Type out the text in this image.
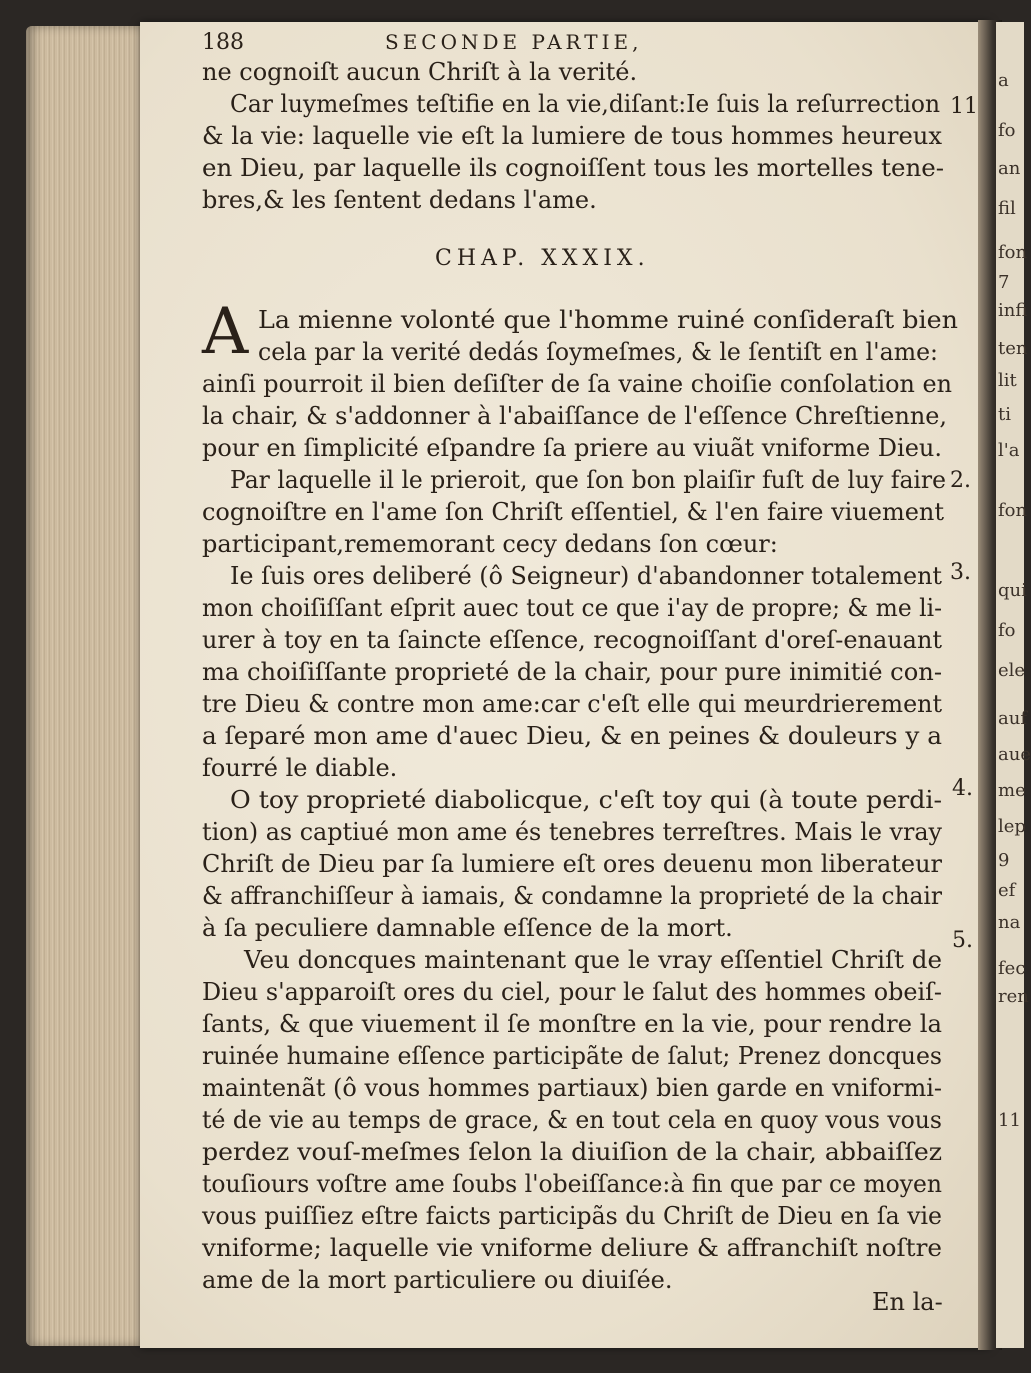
a
fo
an
fil
fon
7
infi
ten
lit
ti
l'a
fon
qui
fo
ele
auf
aue
me
lep
9
ef
na
fec
ren
11
188	SECONDE PARTIE,
CHAP. XXXIX.
A
ne cognoiſt aucun Chriſt à la verité.
Car luymeſmes teſtifie en la vie,diſant:Ie ſuis la reſurrection
& la vie: laquelle vie eſt la lumiere de tous hommes heureux
en Dieu, par laquelle ils cognoiſſent tous les mortelles tene-
bres,& les ſentent dedans l'ame.
La mienne volonté que l'homme ruiné conſideraſt bien
cela par la verité dedás ſoymeſmes, & le ſentiſt en l'ame:
ainſi pourroit il bien deſiſter de ſa vaine choiſie conſolation en
la chair, & s'addonner à l'abaiſſance de l'eſſence Chreſtienne,
pour en ſimplicité eſpandre ſa priere au viuãt vniforme Dieu.
Par laquelle il le prieroit, que ſon bon plaiſir fuſt de luy faire
cognoiſtre en l'ame ſon Chriſt eſſentiel, & l'en faire viuement
participant,rememorant cecy dedans ſon cœur:
Ie ſuis ores deliberé (ô Seigneur) d'abandonner totalement
mon choiſiſſant eſprit auec tout ce que i'ay de propre; & me li-
urer à toy en ta ſaincte eſſence, recognoiſſant d'oreſ-enauant
ma choiſiſſante proprieté de la chair, pour pure inimitié con-
tre Dieu & contre mon ame:car c'eſt elle qui meurdrierement
a ſeparé mon ame d'auec Dieu, & en peines & douleurs y a
fourré le diable.
O toy proprieté diabolicque, c'eſt toy qui (à toute perdi-
tion) as captiué mon ame és tenebres terreſtres. Mais le vray
Chriſt de Dieu par ſa lumiere eſt ores deuenu mon liberateur
& affranchiſſeur à iamais, & condamne la proprieté de la chair
à ſa peculiere damnable eſſence de la mort.
Veu doncques maintenant que le vray eſſentiel Chriſt de
Dieu s'apparoiſt ores du ciel, pour le ſalut des hommes obeiſ-
ſants, & que viuement il ſe monſtre en la vie, pour rendre la
ruinée humaine eſſence participãte de ſalut; Prenez doncques
maintenãt (ô vous hommes partiaux) bien garde en vniformi-
té de vie au temps de grace, & en tout cela en quoy vous vous
perdez vouſ-meſmes ſelon la diuiſion de la chair, abbaiſſez
touſiours voſtre ame ſoubs l'obeiſſance:à fin que par ce moyen
vous puiſſiez eſtre faicts participãs du Chriſt de Dieu en ſa vie
vniforme; laquelle vie vniforme deliure & affranchiſt noſtre
ame de la mort particuliere ou diuiſée.
11
2.
3.
4.
5.
En la-
